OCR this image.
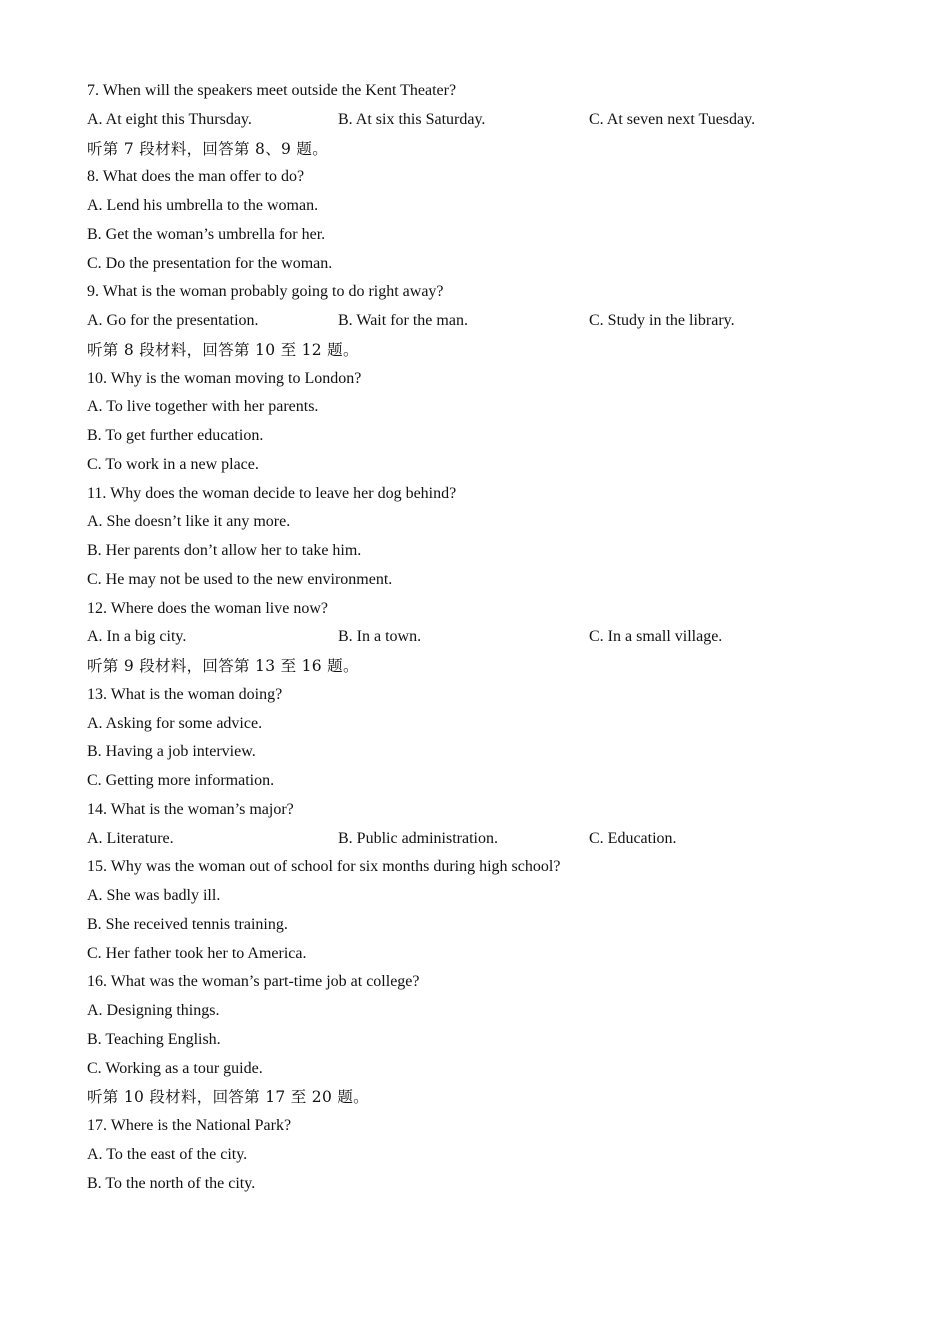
7. When will the speakers meet outside the Kent Theater?
A. At eight this Thursday.	B. At six this Saturday.	C. At seven next Tuesday.
听第 7 段材料，回答第 8、9 题。
8. What does the man offer to do?
A. Lend his umbrella to the woman.
B. Get the woman’s umbrella for her.
C. Do the presentation for the woman.
9. What is the woman probably going to do right away?
A. Go for the presentation.	B. Wait for the man.	C. Study in the library.
听第 8 段材料，回答第 10 至 12 题。
10. Why is the woman moving to London?
A. To live together with her parents.
B. To get further education.
C. To work in a new place.
11. Why does the woman decide to leave her dog behind?
A. She doesn’t like it any more.
B. Her parents don’t allow her to take him.
C. He may not be used to the new environment.
12. Where does the woman live now?
A. In a big city.	B. In a town.	C. In a small village.
听第 9 段材料，回答第 13 至 16 题。
13. What is the woman doing?
A. Asking for some advice.
B. Having a job interview.
C. Getting more information.
14. What is the woman’s major?
A. Literature.	B. Public administration.	C. Education.
15. Why was the woman out of school for six months during high school?
A. She was badly ill.
B. She received tennis training.
C. Her father took her to America.
16. What was the woman’s part-time job at college?
A. Designing things.
B. Teaching English.
C. Working as a tour guide.
听第 10 段材料，回答第 17 至 20 题。
17. Where is the National Park?
A. To the east of the city.
B. To the north of the city.
